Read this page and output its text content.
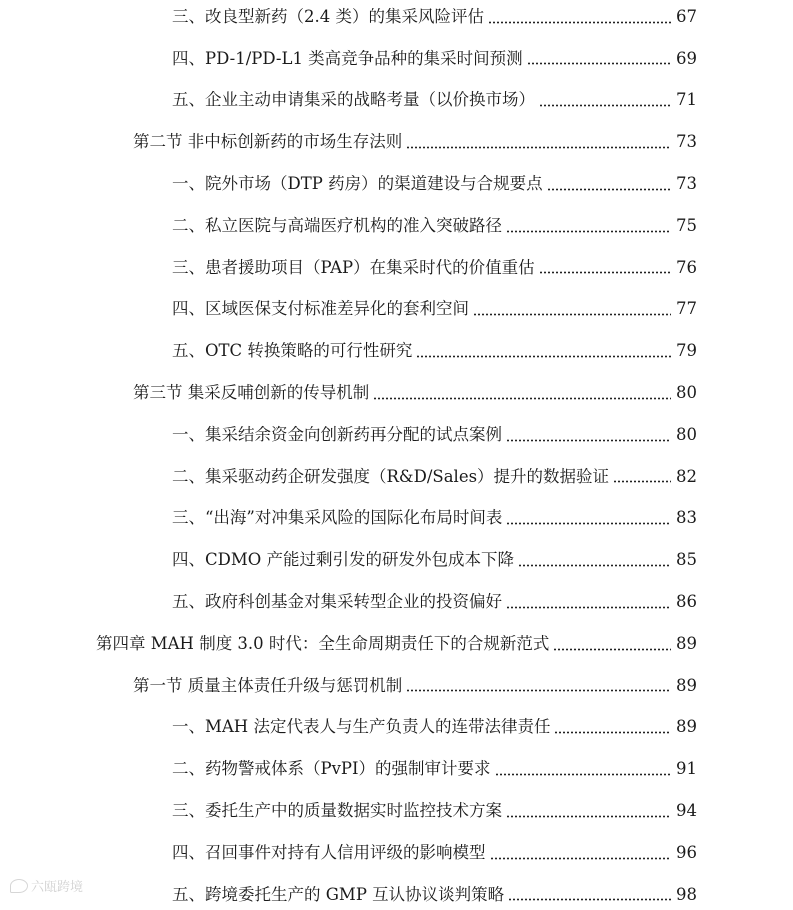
三、改良型新药（2.4 类）的集采风险评估	67
四、PD-1/PD-L1 类高竞争品种的集采时间预测	69
五、企业主动申请集采的战略考量（以价换市场）	71
第二节 非中标创新药的市场生存法则	73
一、院外市场（DTP 药房）的渠道建设与合规要点	73
二、私立医院与高端医疗机构的准入突破路径	75
三、患者援助项目（PAP）在集采时代的价值重估	76
四、区域医保支付标准差异化的套利空间	77
五、OTC 转换策略的可行性研究	79
第三节 集采反哺创新的传导机制	80
一、集采结余资金向创新药再分配的试点案例	80
二、集采驱动药企研发强度（R&D/Sales）提升的数据验证	82
三、“出海”对冲集采风险的国际化布局时间表	83
四、CDMO 产能过剩引发的研发外包成本下降	85
五、政府科创基金对集采转型企业的投资偏好	86
第四章 MAH 制度 3.0 时代：全生命周期责任下的合规新范式	89
第一节 质量主体责任升级与惩罚机制	89
一、MAH 法定代表人与生产负责人的连带法律责任	89
二、药物警戒体系（PvPI）的强制审计要求	91
三、委托生产中的质量数据实时监控技术方案	94
四、召回事件对持有人信用评级的影响模型	96
五、跨境委托生产的 GMP 互认协议谈判策略	98
六瓯跨境
